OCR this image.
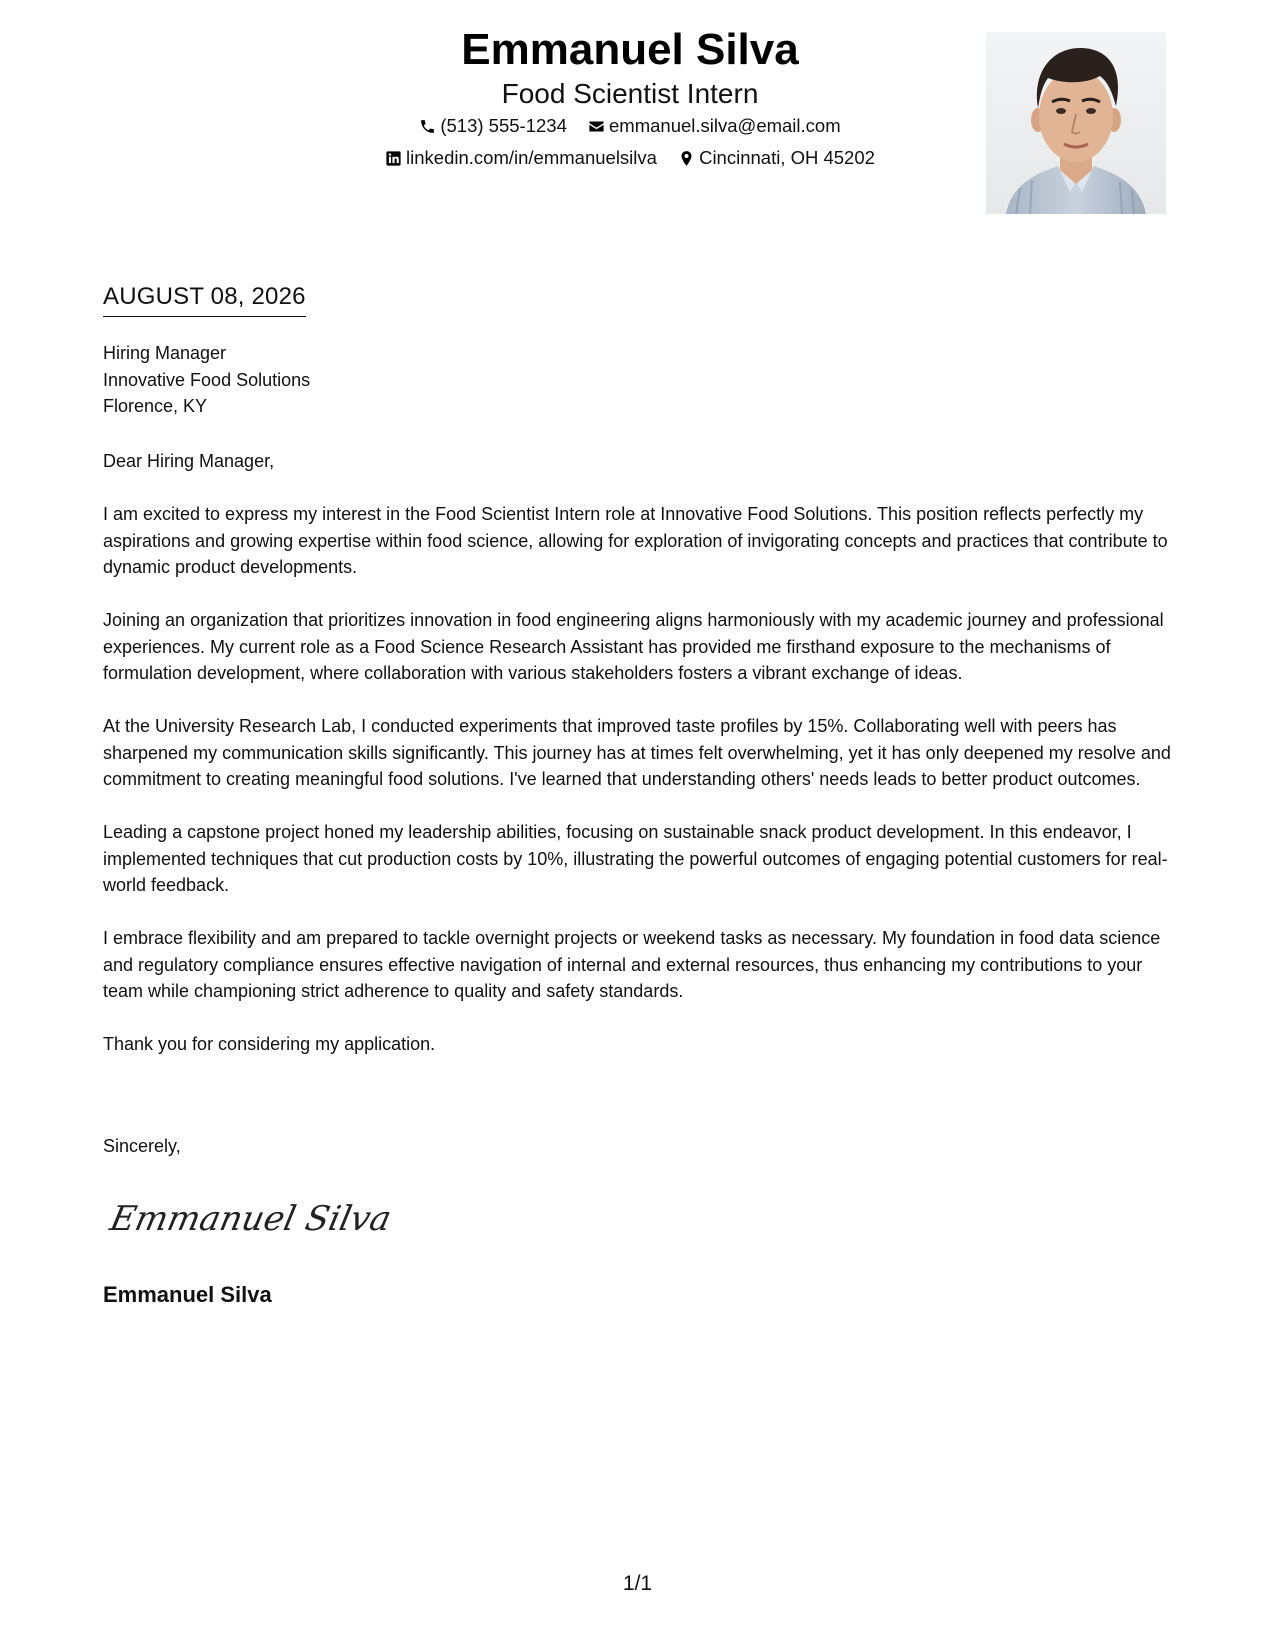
Emmanuel Silva
Food Scientist Intern
(513) 555-1234
emmanuel.silva@email.com
linkedin.com/in/emmanuelsilva
Cincinnati, OH 45202
AUGUST 08, 2026
Hiring Manager
Innovative Food Solutions
Florence, KY

Dear Hiring Manager,

I am excited to express my interest in the Food Scientist Intern role at Innovative Food Solutions. This position reflects perfectly my aspirations and growing expertise within food science, allowing for exploration of invigorating concepts and practices that contribute to dynamic product developments.

Joining an organization that prioritizes innovation in food engineering aligns harmoniously with my academic journey and professional experiences. My current role as a Food Science Research Assistant has provided me firsthand exposure to the mechanisms of formulation development, where collaboration with various stakeholders fosters a vibrant exchange of ideas.

At the University Research Lab, I conducted experiments that improved taste profiles by 15%. Collaborating well with peers has sharpened my communication skills significantly. This journey has at times felt overwhelming, yet it has only deepened my resolve and commitment to creating meaningful food solutions. I've learned that understanding others' needs leads to better product outcomes.

Leading a capstone project honed my leadership abilities, focusing on sustainable snack product development. In this endeavor, I implemented techniques that cut production costs by 10%, illustrating the powerful outcomes of engaging potential customers for real-world feedback.

I embrace flexibility and am prepared to tackle overnight projects or weekend tasks as necessary. My foundation in food data science and regulatory compliance ensures effective navigation of internal and external resources, thus enhancing my contributions to your team while championing strict adherence to quality and safety standards.

Thank you for considering my application.

Sincerely,
Emmanuel Silva
Emmanuel Silva
1/1
